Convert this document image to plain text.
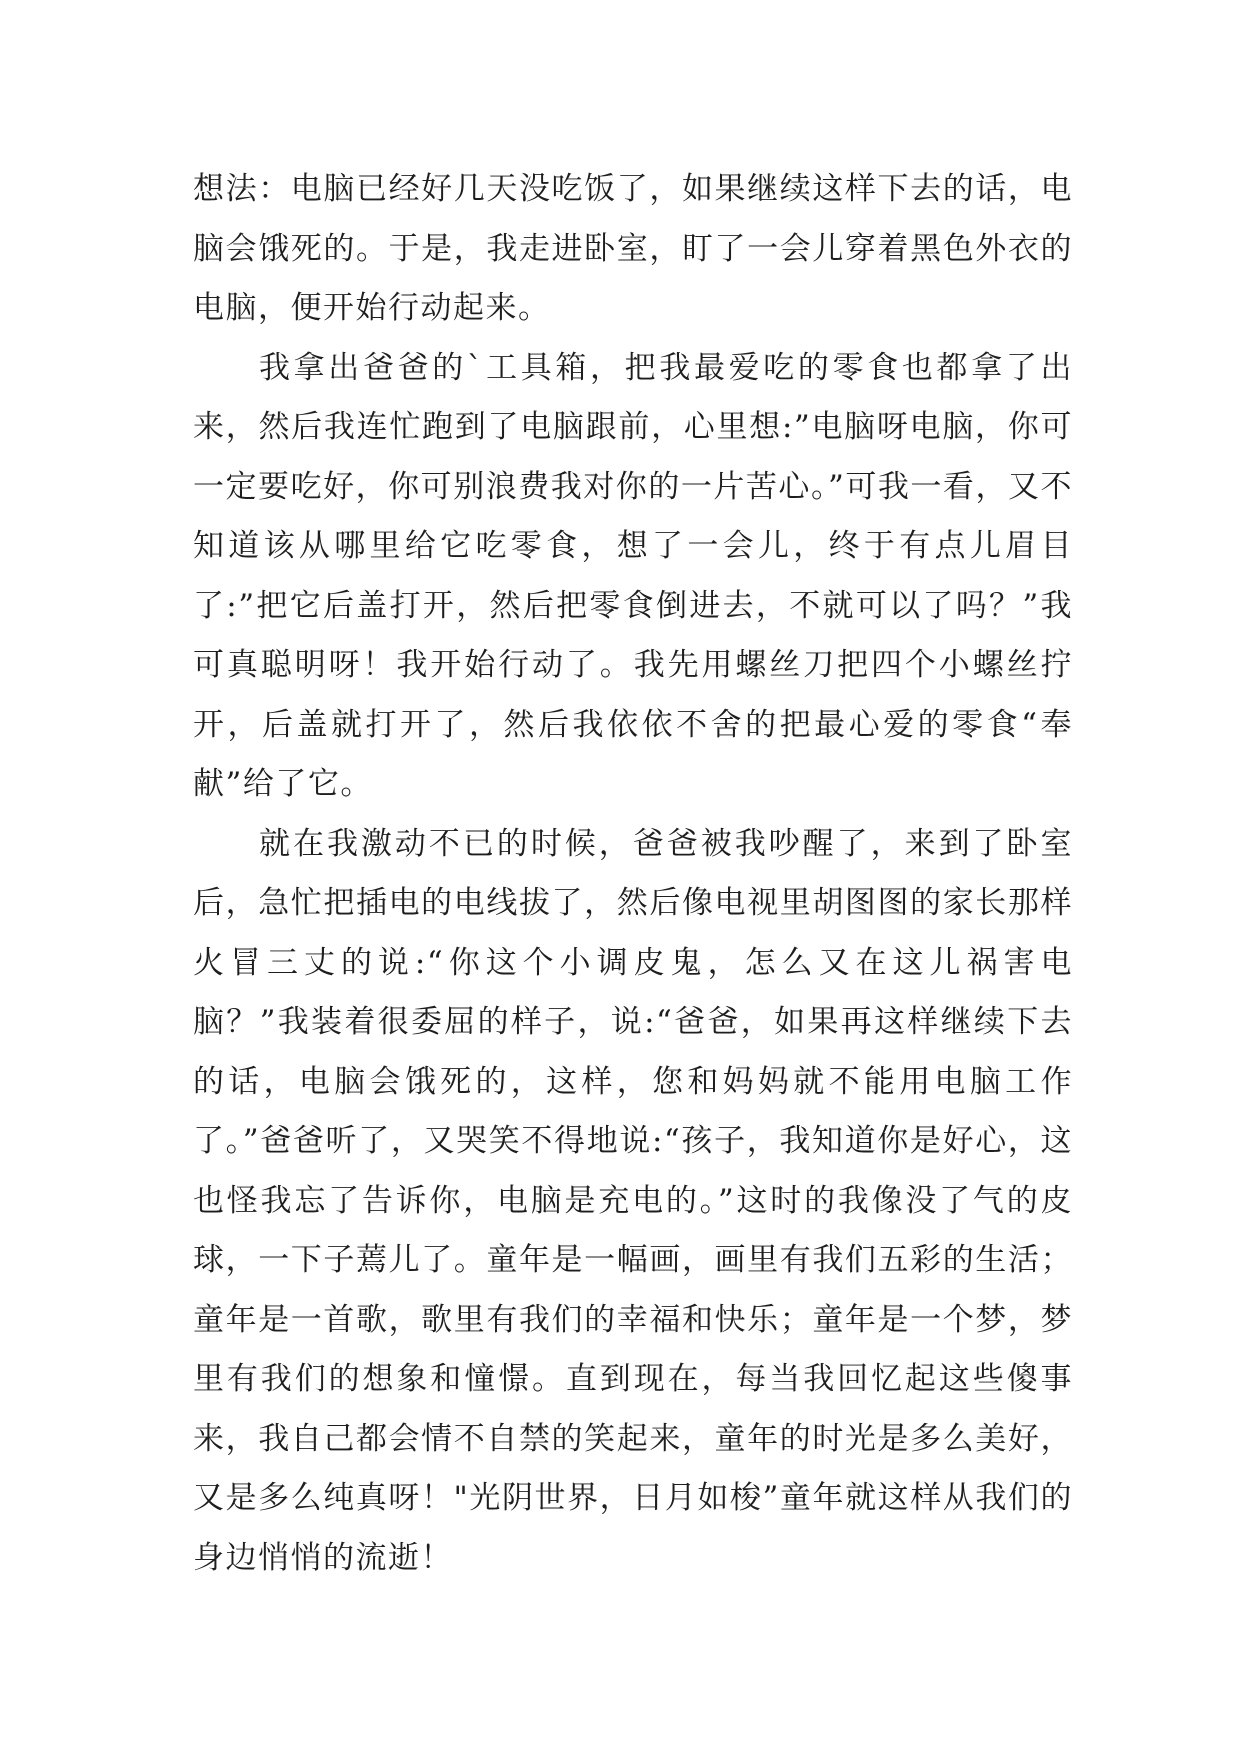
想法：电脑已经好几天没吃饭了，如果继续这样下去的话，电脑会饿死的。于是，我走进卧室，盯了一会儿穿着黑色外衣的电脑，便开始行动起来。

我拿出爸爸的`工具箱，把我最爱吃的零食也都拿了出来，然后我连忙跑到了电脑跟前，心里想:”电脑呀电脑，你可一定要吃好，你可别浪费我对你的一片苦心。”可我一看，又不知道该从哪里给它吃零食，想了一会儿，终于有点儿眉目了:”把它后盖打开，然后把零食倒进去，不就可以了吗？”我可真聪明呀！我开始行动了。我先用螺丝刀把四个小螺丝拧开，后盖就打开了，然后我依依不舍的把最心爱的零食“奉献”给了它。

就在我激动不已的时候，爸爸被我吵醒了，来到了卧室后，急忙把插电的电线拔了，然后像电视里胡图图的家长那样火冒三丈的说:“你这个小调皮鬼，怎么又在这儿祸害电脑？”我装着很委屈的样子，说:“爸爸，如果再这样继续下去的话，电脑会饿死的，这样，您和妈妈就不能用电脑工作了。”爸爸听了，又哭笑不得地说:“孩子，我知道你是好心，这也怪我忘了告诉你，电脑是充电的。”这时的我像没了气的皮球，一下子蔫儿了。童年是一幅画，画里有我们五彩的生活；童年是一首歌，歌里有我们的幸福和快乐；童年是一个梦，梦里有我们的想象和憧憬。直到现在，每当我回忆起这些傻事来，我自己都会情不自禁的笑起来，童年的时光是多么美好，又是多么纯真呀！"光阴世界，日月如梭”童年就这样从我们的身边悄悄的流逝！
